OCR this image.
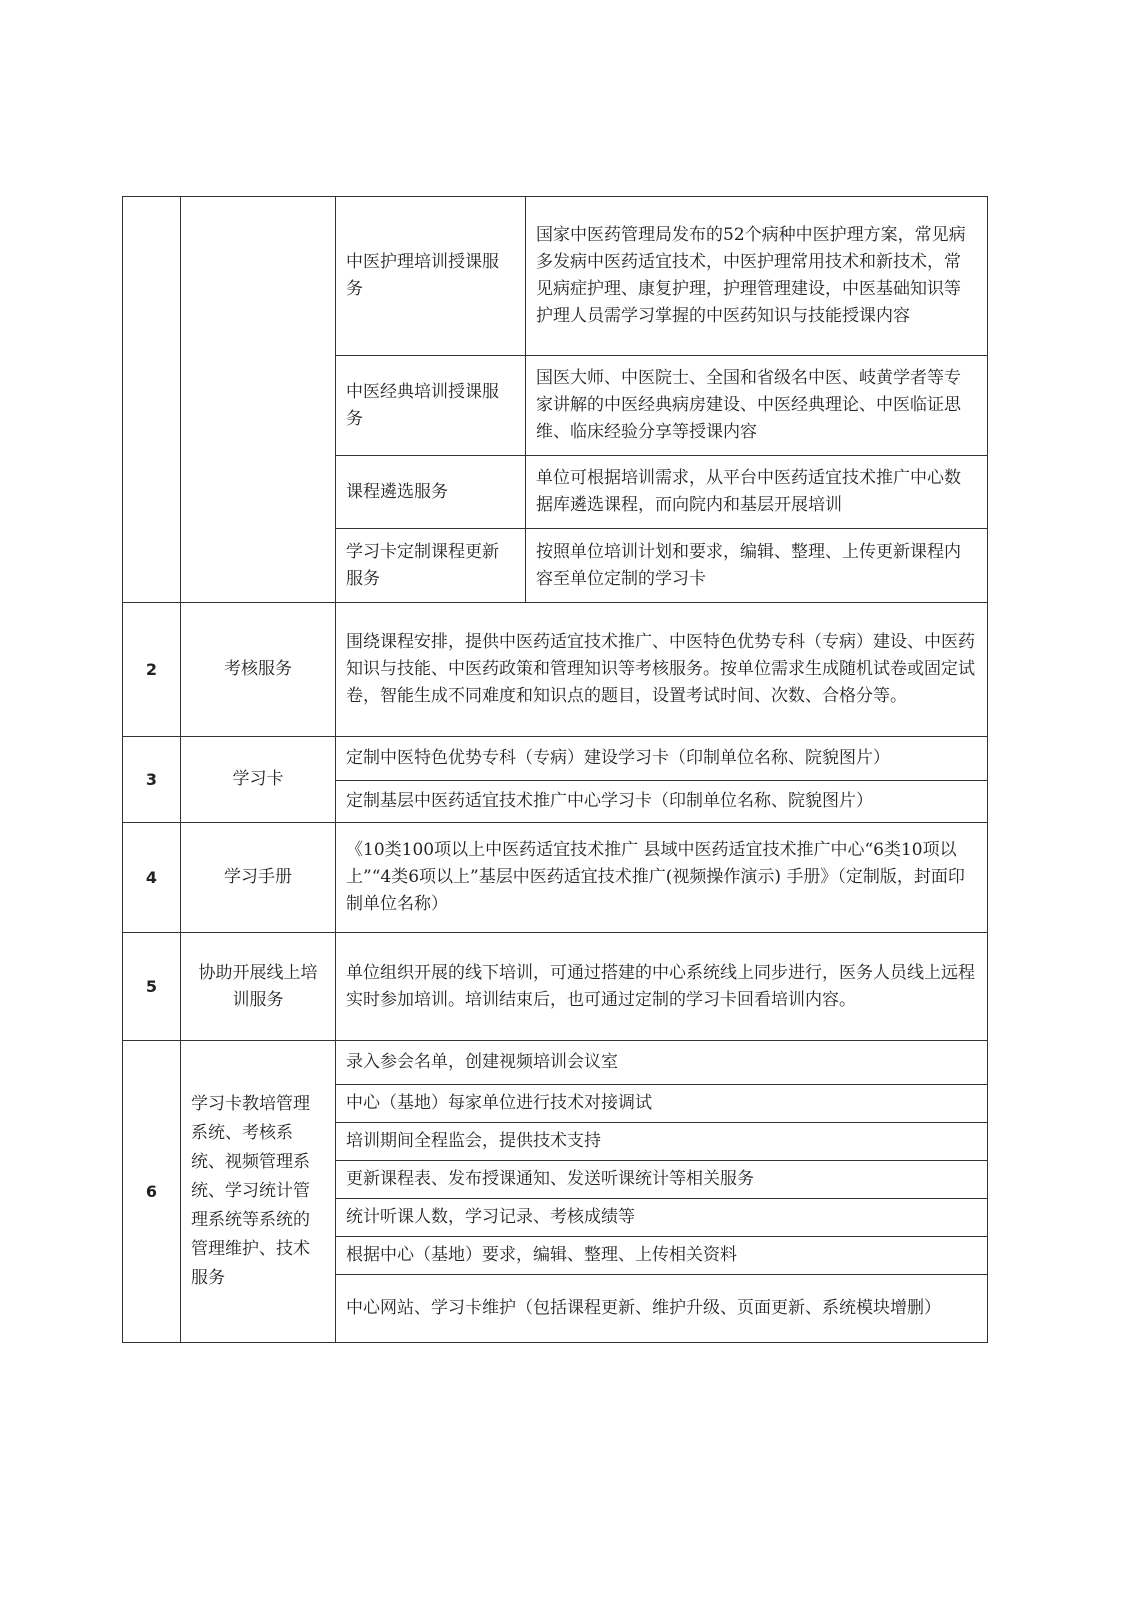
		中医护理培训授课服务	国家中医药管理局发布的52个病种中医护理方案，常见病多发病中医药适宜技术，中医护理常用技术和新技术，常见病症护理、康复护理，护理管理建设，中医基础知识等护理人员需学习掌握的中医药知识与技能授课内容
		中医经典培训授课服务	国医大师、中医院士、全国和省级名中医、岐黄学者等专家讲解的中医经典病房建设、中医经典理论、中医临证思维、临床经验分享等授课内容
		课程遴选服务	单位可根据培训需求，从平台中医药适宜技术推广中心数据库遴选课程，而向院内和基层开展培训
		学习卡定制课程更新服务	按照单位培训计划和要求，编辑、整理、上传更新课程内容至单位定制的学习卡
2	考核服务	围绕课程安排，提供中医药适宜技术推广、中医特色优势专科（专病）建设、中医药知识与技能、中医药政策和管理知识等考核服务。按单位需求生成随机试卷或固定试卷，智能生成不同难度和知识点的题目，设置考试时间、次数、合格分等。	
3	学习卡	定制中医特色优势专科（专病）建设学习卡（印制单位名称、院貌图片）	
		定制基层中医药适宜技术推广中心学习卡（印制单位名称、院貌图片）	
4	学习手册	《10类100项以上中医药适宜技术推广 县域中医药适宜技术推广中心“6类10项以上”“4类6项以上”基层中医药适宜技术推广(视频操作演示) 手册》（定制版，封面印制单位名称）	
5	协助开展线上培训服务	单位组织开展的线下培训，可通过搭建的中心系统线上同步进行，医务人员线上远程实时参加培训。培训结束后，也可通过定制的学习卡回看培训内容。	
6	学习卡教培管理系统、考核系统、视频管理系统、学习统计管理系统等系统的管理维护、技术服务	录入参会名单，创建视频培训会议室	
		中心（基地）每家单位进行技术对接调试	
		培训期间全程监会，提供技术支持	
		更新课程表、发布授课通知、发送听课统计等相关服务	
		统计听课人数，学习记录、考核成绩等	
		根据中心（基地）要求，编辑、整理、上传相关资料	
		中心网站、学习卡维护（包括课程更新、维护升级、页面更新、系统模块增删）	
